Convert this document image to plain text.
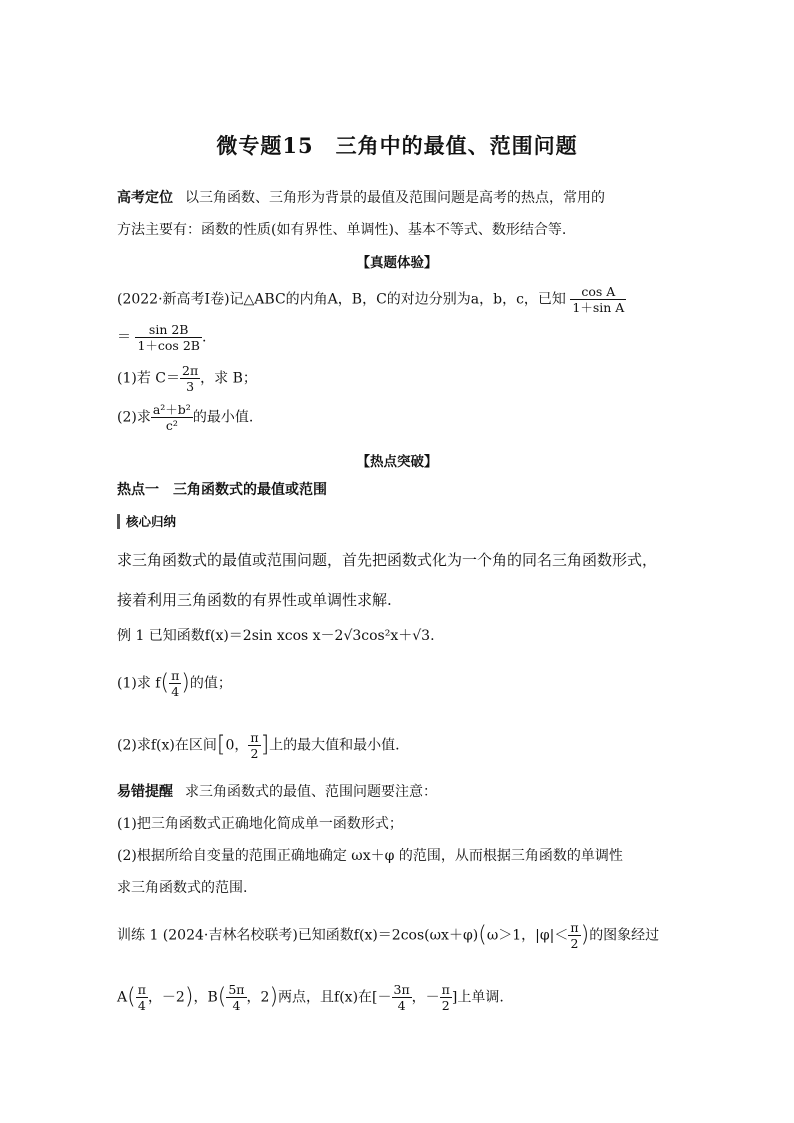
微专题15　三角中的最值、范围问题
高考定位 以三角函数、三角形为背景的最值及范围问题是高考的热点，常用的
方法主要有：函数的性质(如有界性、单调性)、基本不等式、数形结合等.
【真题体验】
(2022·新高考Ⅰ卷)记△ABC的内角A，B，C的对边分别为a，b，c，已知 $\frac{\text{cos A}}{\text{1＋sin A}}$
＝ $\frac{\sin 2B}{1+\cos 2B}$ .
(1)若 $C= \frac{2\pi}{3}$ ，求 B；
(2)求 $\frac{\text{a²＋b²}}{\text{c²}}$ 的最小值.
【热点突破】
热点一　三角函数式的最值或范围
核心归纳
求三角函数式的最值或范围问题，首先把函数式化为一个角的同名三角函数形式，
接着利用三角函数的有界性或单调性求解.
例 1 已知函数f(x)＝2sin xcos x－2√3cos²x＋√3.
(1)求 $f( \frac{\pi}{4}$ )的值；
(2)求f(x)在区间[0， $\frac{\pi}{2}$ ]上的最大值和最小值.
易错提醒 求三角函数式的最值、范围问题要注意：
(1)把三角函数式正确地化简成单一函数形式；
(2)根据所给自变量的范围正确地确定 ωx＋φ 的范围，从而根据三角函数的单调性
求三角函数式的范围.
训练 1 (2024·吉林名校联考)已知函数f(x)＝2cos(ωx＋φ)(ω＞1，$|\varphi|< \frac{\pi}{2}$ )的图象经过
$A( \frac{\pi}{4}$ ，－2)，$B( \frac{5\pi}{4}$ ，2)两点，且f(x)在[－ $\frac{3\pi}{4}$ ，－ $\frac{\pi}{2}$ ]上单调.
